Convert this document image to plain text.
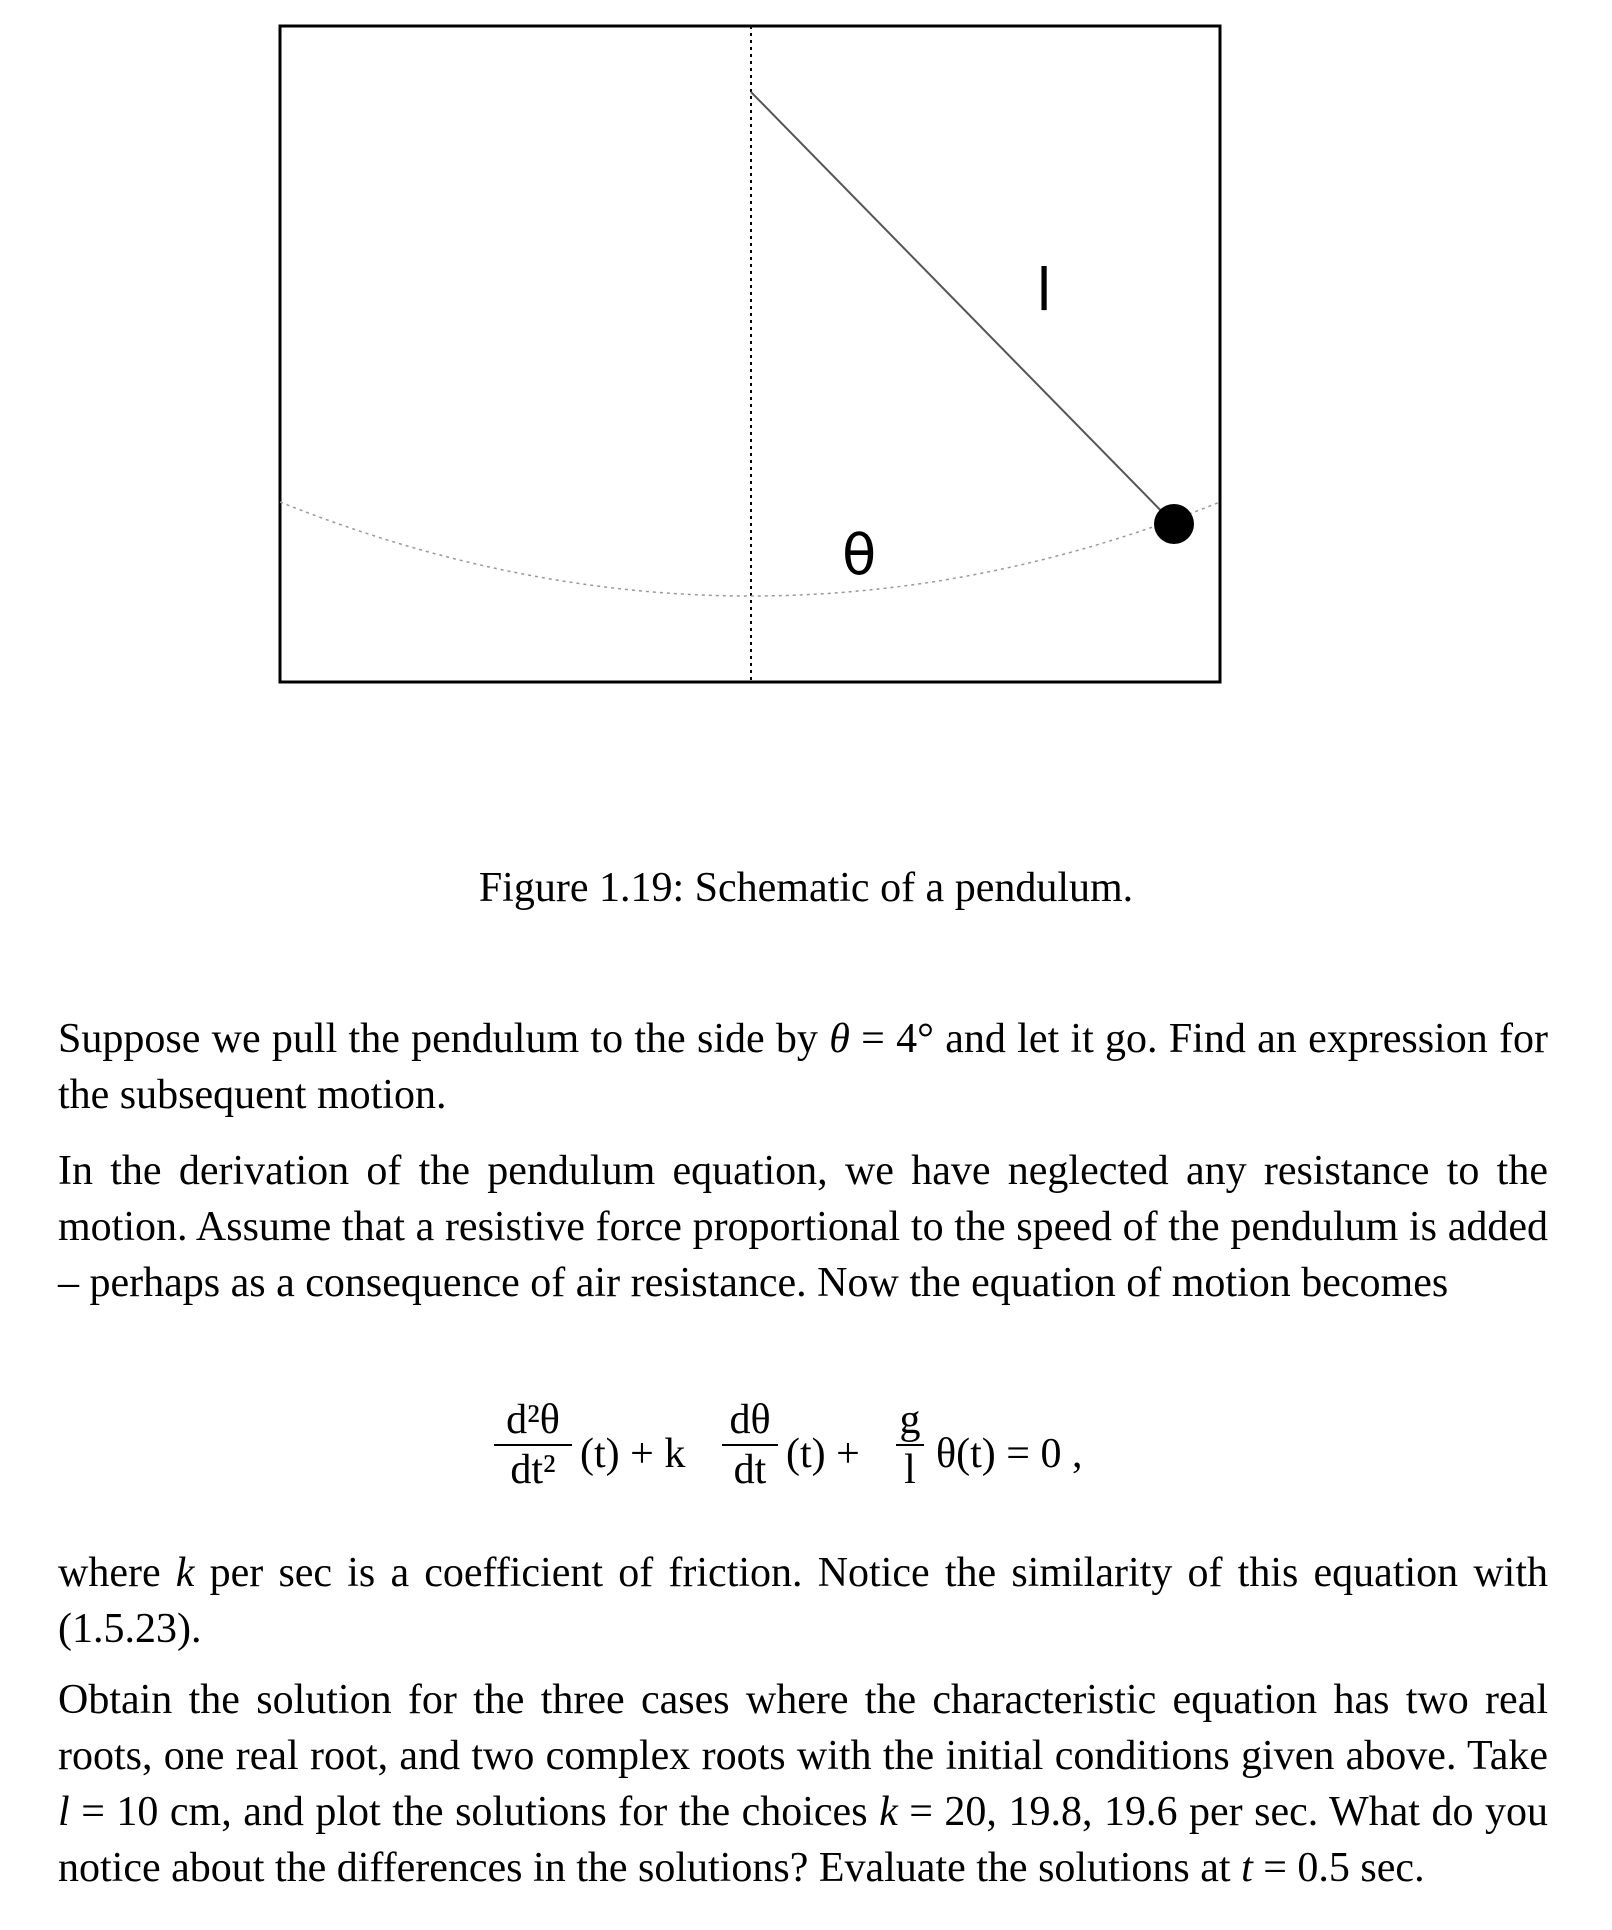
l
θ
Figure 1.19: Schematic of a pendulum.
Suppose we pull the pendulum to the side by θ = 4° and let it go. Find an expression for the subsequent motion.
In the derivation of the pendulum equation, we have neglected any resistance to the motion. Assume that a resistive force proportional to the speed of the pendulum is added – perhaps as a consequence of air resistance. Now the equation of motion becomes
d²θ
dt² (t) + k
dθ
dt (t) +
g
l θ(t) = 0 ,
where k per sec is a coefficient of friction. Notice the similarity of this equation with (1.5.23).
Obtain the solution for the three cases where the characteristic equation has two real roots, one real root, and two complex roots with the initial conditions given above. Take l = 10 cm, and plot the solutions for the choices k = 20, 19.8, 19.6 per sec. What do you notice about the differences in the solutions? Evaluate the solutions at t = 0.5 sec.
